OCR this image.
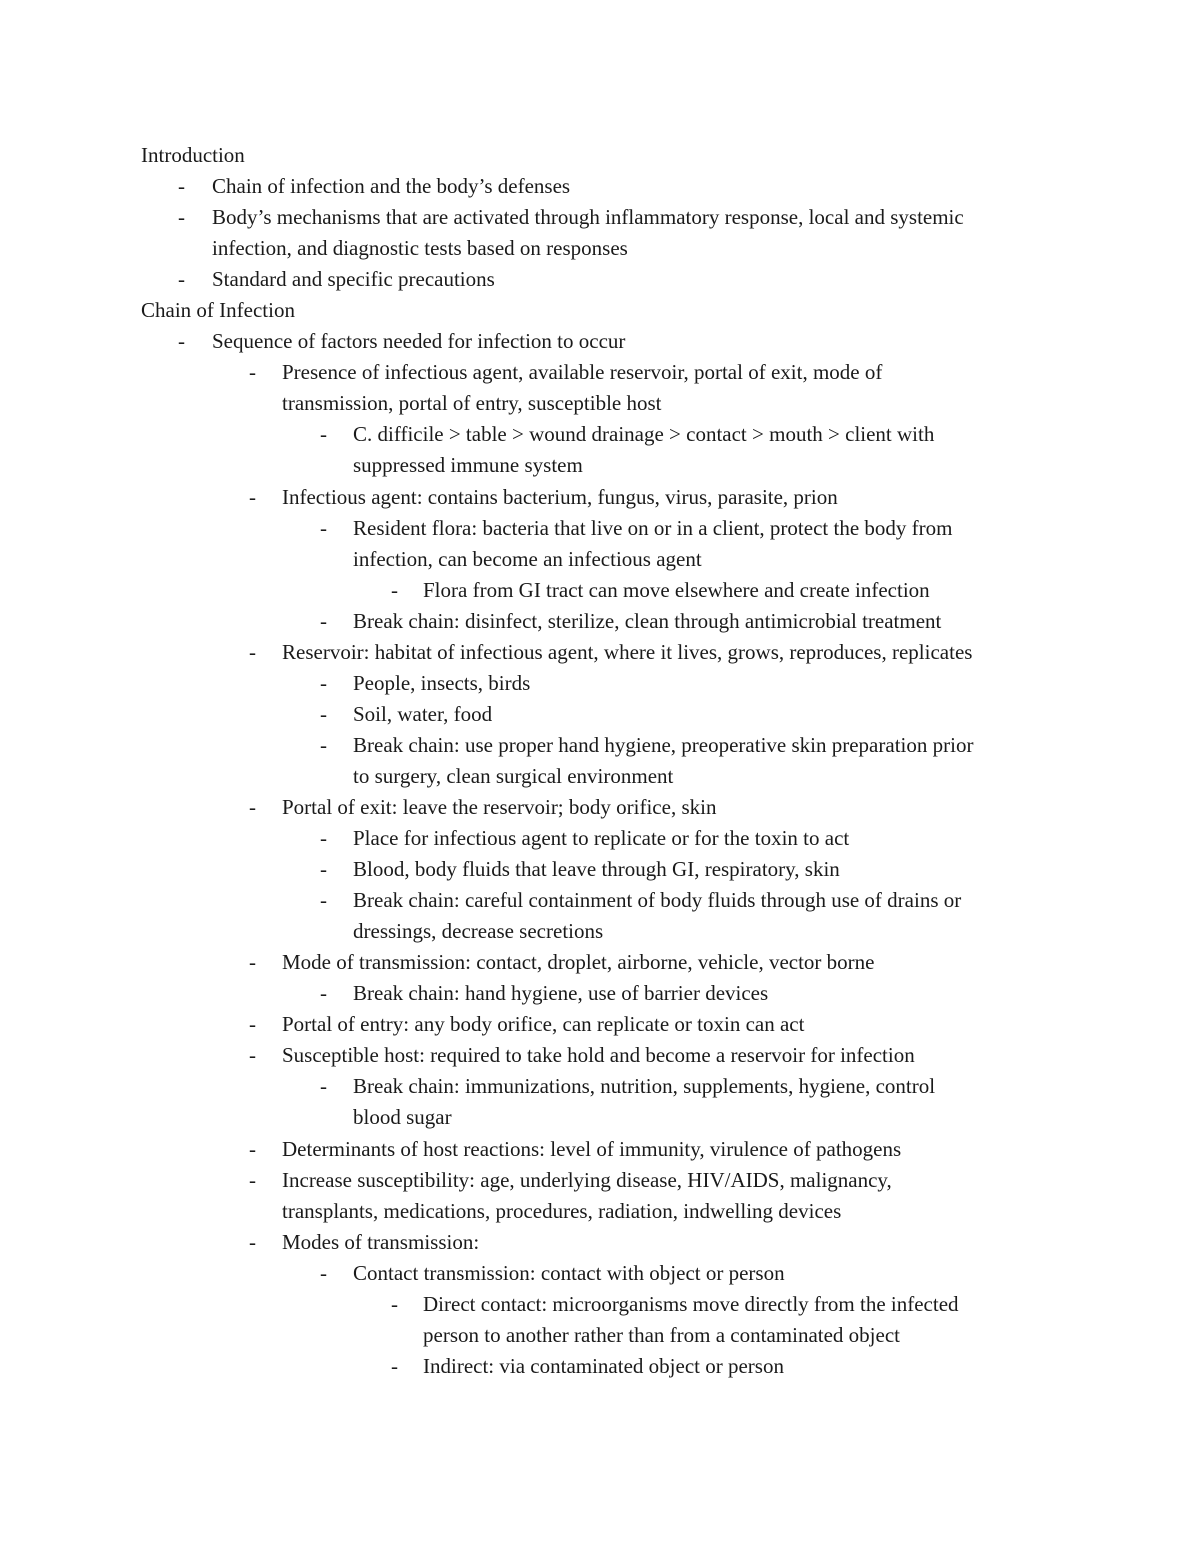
Introduction
- Chain of infection and the body’s defenses
- Body’s mechanisms that are activated through inflammatory response, local and systemic
infection, and diagnostic tests based on responses
- Standard and specific precautions
Chain of Infection
- Sequence of factors needed for infection to occur
- Presence of infectious agent, available reservoir, portal of exit, mode of
transmission, portal of entry, susceptible host
- C. difficile > table > wound drainage > contact > mouth > client with
suppressed immune system
- Infectious agent: contains bacterium, fungus, virus, parasite, prion
- Resident flora: bacteria that live on or in a client, protect the body from
infection, can become an infectious agent
- Flora from GI tract can move elsewhere and create infection
- Break chain: disinfect, sterilize, clean through antimicrobial treatment
- Reservoir: habitat of infectious agent, where it lives, grows, reproduces, replicates
- People, insects, birds
- Soil, water, food
- Break chain: use proper hand hygiene, preoperative skin preparation prior
to surgery, clean surgical environment
- Portal of exit: leave the reservoir; body orifice, skin
- Place for infectious agent to replicate or for the toxin to act
- Blood, body fluids that leave through GI, respiratory, skin
- Break chain: careful containment of body fluids through use of drains or
dressings, decrease secretions
- Mode of transmission: contact, droplet, airborne, vehicle, vector borne
- Break chain: hand hygiene, use of barrier devices
- Portal of entry: any body orifice, can replicate or toxin can act
- Susceptible host: required to take hold and become a reservoir for infection
- Break chain: immunizations, nutrition, supplements, hygiene, control
blood sugar
- Determinants of host reactions: level of immunity, virulence of pathogens
- Increase susceptibility: age, underlying disease, HIV/AIDS, malignancy,
transplants, medications, procedures, radiation, indwelling devices
- Modes of transmission:
- Contact transmission: contact with object or person
- Direct contact: microorganisms move directly from the infected
person to another rather than from a contaminated object
- Indirect: via contaminated object or person
